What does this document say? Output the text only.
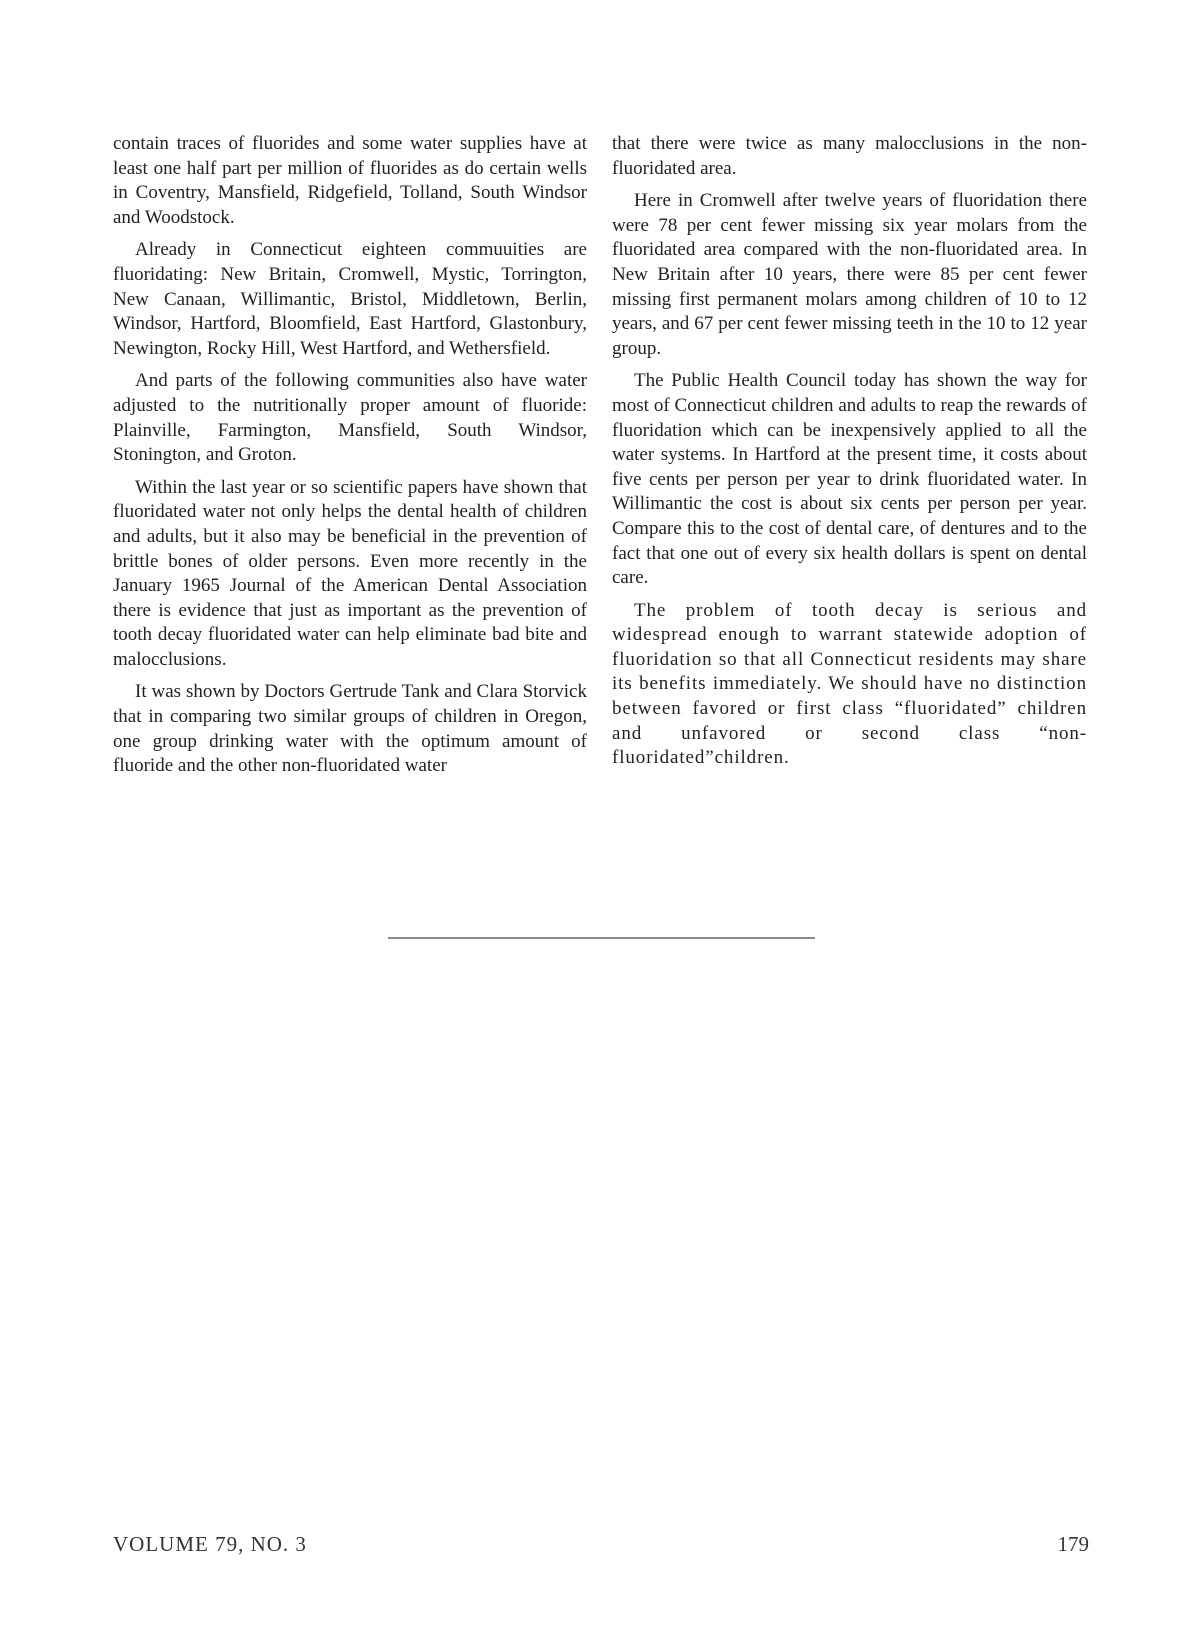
contain traces of fluorides and some water supplies have at least one half part per million of fluorides as do certain wells in Coventry, Mansfield, Ridgefield, Tolland, South Windsor and Woodstock.

Already in Connecticut eighteen commuuities are fluoridating: New Britain, Cromwell, Mystic, Torrington, New Canaan, Willimantic, Bristol, Middletown, Berlin, Windsor, Hartford, Bloomfield, East Hartford, Glastonbury, Newington, Rocky Hill, West Hartford, and Wethersfield.

And parts of the following communities also have water adjusted to the nutritionally proper amount of fluoride: Plainville, Farmington, Mansfield, South Windsor, Stonington, and Groton.

Within the last year or so scientific papers have shown that fluoridated water not only helps the dental health of children and adults, but it also may be beneficial in the prevention of brittle bones of older persons. Even more recently in the January 1965 Journal of the American Dental Association there is evidence that just as important as the prevention of tooth decay fluoridated water can help eliminate bad bite and malocclusions.

It was shown by Doctors Gertrude Tank and Clara Storvick that in comparing two similar groups of children in Oregon, one group drinking water with the optimum amount of fluoride and the other non-fluoridated water

that there were twice as many malocclusions in the non-fluoridated area.

Here in Cromwell after twelve years of fluoridation there were 78 per cent fewer missing six year molars from the fluoridated area compared with the non-fluoridated area. In New Britain after 10 years, there were 85 per cent fewer missing first permanent molars among children of 10 to 12 years, and 67 per cent fewer missing teeth in the 10 to 12 year group.

The Public Health Council today has shown the way for most of Connecticut children and adults to reap the rewards of fluoridation which can be inexpensively applied to all the water systems. In Hartford at the present time, it costs about five cents per person per year to drink fluoridated water. In Willimantic the cost is about six cents per person per year. Compare this to the cost of dental care, of dentures and to the fact that one out of every six health dollars is spent on dental care.

The problem of tooth decay is serious and widespread enough to warrant statewide adoption of fluoridation so that all Connecticut residents may share its benefits immediately. We should have no distinction between favored or first class “fluoridated” children and unfavored or second class “non-fluoridated”children.

VOLUME 79, NO. 3	179
